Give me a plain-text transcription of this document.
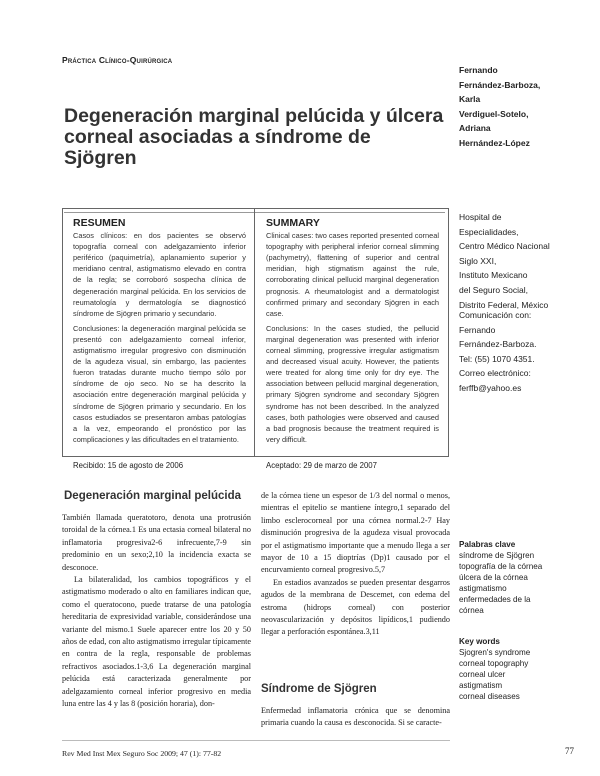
Práctica Clínico-Quirúrgica
Degeneración marginal pelúcida y úlcera corneal asociadas a síndrome de Sjögren
Fernando
Fernández-Barboza,
Karla
Verdiguel-Sotelo,
Adriana
Hernández-López
Hospital de
Especialidades,
Centro Médico Nacional
Siglo XXI,
Instituto Mexicano
del Seguro Social,
Distrito Federal, México
Comunicación con:
Fernando
Fernández-Barboza.
Tel: (55) 1070 4351.
Correo electrónico:
ferffb@yahoo.es
RESUMEN

Casos clínicos: en dos pacientes se observó topografía corneal con adelgazamiento inferior periférico (paquimetría), aplanamiento superior y meridiano central, astigmatismo elevado en contra de la regla; se corroboró sospecha clínica de degeneración marginal pelúcida. En los servicios de reumatología y dermatología se diagnosticó síndrome de Sjögren primario y secundario.

Conclusiones: la degeneración marginal pelúcida se presentó con adelgazamiento corneal inferior, astigmatismo irregular progresivo con disminución de la agudeza visual, sin embargo, las pacientes fueron tratadas durante mucho tiempo sólo por síndrome de ojo seco. No se ha descrito la asociación entre degeneración marginal pelúcida y síndrome de Sjögren primario y secundario. En los casos estudiados se presentaron ambas patologías a la vez, empeorando el pronóstico por las complicaciones y las dificultades en el tratamiento.

SUMMARY

Clinical cases: two cases reported presented corneal topography with peripheral inferior corneal slimming (pachymetry), flattening of superior and central meridian, high stigmatism against the rule, corroborating clinical pellucid marginal degeneration prognosis. A rheumatologist and a dermatologist confirmed primary and secondary Sjögren in each case.

Conclusions: In the cases studied, the pellucid marginal degeneration was presented with inferior corneal slimming, progressive irregular astigmatism and decreased visual acuity. However, the patients were treated for along time only for dry eye. The association between pellucid marginal degeneration, primary Sjögren syndrome and secondary Sjögren syndrome has not been described. In the analyzed cases, both pathologies were observed and caused a bad prognosis because the treatment required is very difficult.

Recibido: 15 de agosto de 2006	Aceptado: 29 de marzo de 2007
Degeneración marginal pelúcida

También llamada queratotoro, denota una protrusión toroidal de la córnea.1 Es una ectasia corneal bilateral no inflamatoria progresiva2-6 infrecuente,7-9 sin predominio en un sexo;2,10 la incidencia exacta se desconoce.

La bilateralidad, los cambios topográficos y el astigmatismo moderado o alto en familiares indican que, como el queratocono, puede tratarse de una patología hereditaria de expresividad variable, considerándose una variante del mismo.1 Suele aparecer entre los 20 y 50 años de edad, con alto astigmatismo irregular típicamente en contra de la regla, responsable de problemas refractivos asociados.1-3,6 La degeneración marginal pelúcida está caracterizada generalmente por adelgazamiento corneal inferior progresivo en media luna entre las 4 y las 8 (posición horaria), don-

de la córnea tiene un espesor de 1/3 del normal o menos, mientras el epitelio se mantiene íntegro,1 separado del limbo esclerocorneal por una córnea normal.2-7 Hay disminución progresiva de la agudeza visual provocada por el astigmatismo importante que a menudo llega a ser mayor de 10 a 15 dioptrías (Dp)1 causado por el encurvamiento corneal progresivo.5,7

En estadios avanzados se pueden presentar desgarros agudos de la membrana de Descemet, con edema del estroma (hidrops corneal) con posterior neovascularización y depósitos lipídicos,1 pudiendo llegar a perforación espontánea.3,11

Síndrome de Sjögren

Enfermedad inflamatoria crónica que se denomina primaria cuando la causa es desconocida. Si se caracte-

Palabras clave
síndrome de Sjögren
topografía de la córnea
úlcera de la córnea
astigmatismo
enfermedades de la
córnea
Key words
Sjogren's syndrome
corneal topography
corneal ulcer
astigmatism
corneal diseases
Rev Med Inst Mex Seguro Soc 2009; 47 (1): 77-82	77
